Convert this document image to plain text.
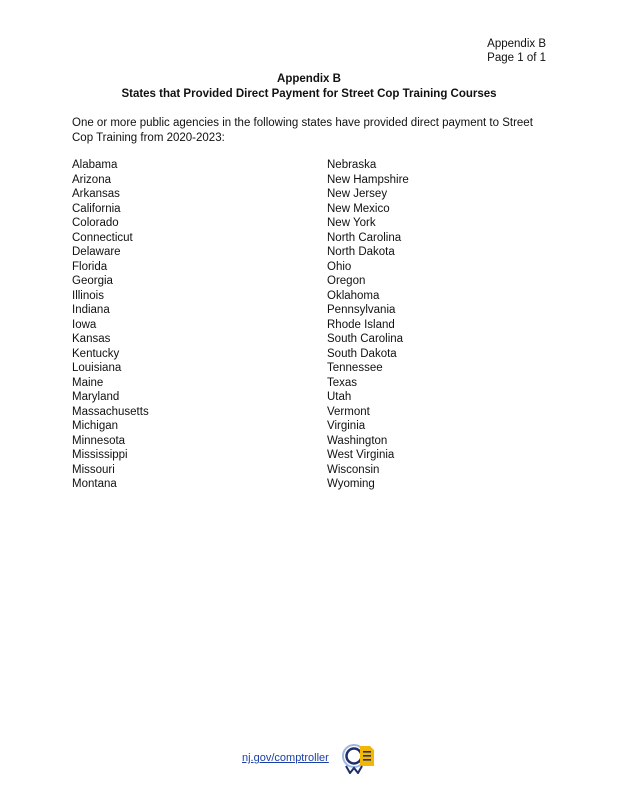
Appendix B
Page 1 of 1
Appendix B
States that Provided Direct Payment for Street Cop Training Courses

One or more public agencies in the following states have provided direct payment to Street Cop Training from 2020-2023:

Alabama
Arizona
Arkansas
California
Colorado
Connecticut
Delaware
Florida
Georgia
Illinois
Indiana
Iowa
Kansas
Kentucky
Louisiana
Maine
Maryland
Massachusetts
Michigan
Minnesota
Mississippi
Missouri
Montana
Nebraska
New Hampshire
New Jersey
New Mexico
New York
North Carolina
North Dakota
Ohio
Oregon
Oklahoma
Pennsylvania
Rhode Island
South Carolina
South Dakota
Tennessee
Texas
Utah
Vermont
Virginia
Washington
West Virginia
Wisconsin
Wyoming
nj.gov/comptroller
